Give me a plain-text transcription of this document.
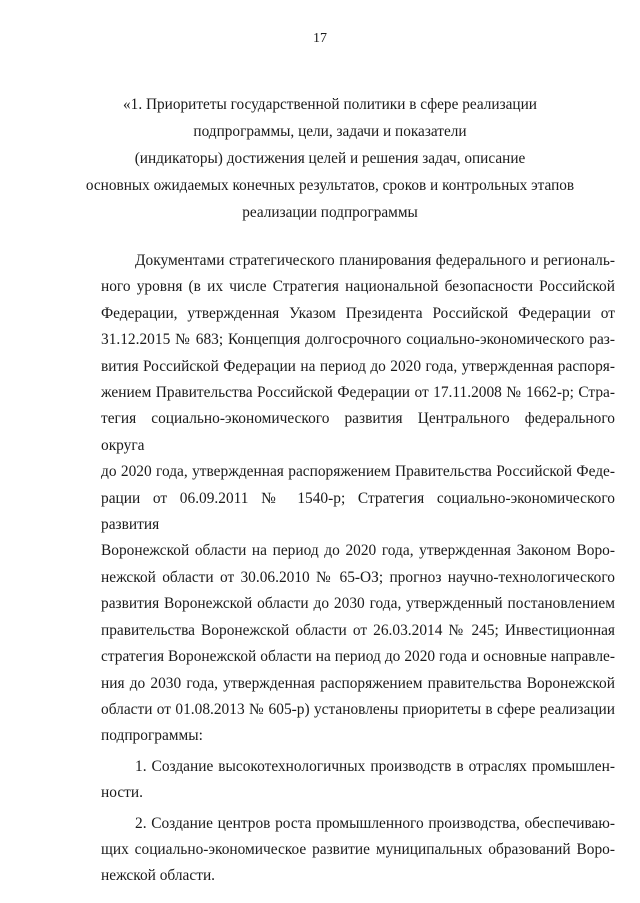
17
«1. Приоритеты государственной политики в сфере реализации
подпрограммы, цели, задачи и показатели
(индикаторы) достижения целей и решения задач, описание
основных ожидаемых конечных результатов, сроков и контрольных этапов
реализации подпрограммы
Документами стратегического планирования федерального и региональ-
ного уровня (в их числе Стратегия национальной безопасности Российской
Федерации, утвержденная Указом Президента Российской Федерации от
31.12.2015 № 683; Концепция долгосрочного социально-экономического раз-
вития Российской Федерации на период до 2020 года, утвержденная распоря-
жением Правительства Российской Федерации от 17.11.2008 № 1662-р; Стра-
тегия социально-экономического развития Центрального федерального округа
до 2020 года, утвержденная распоряжением Правительства Российской Феде-
рации от 06.09.2011 № 1540-р; Стратегия социально-экономического развития
Воронежской области на период до 2020 года, утвержденная Законом Воро-
нежской области от 30.06.2010 № 65-ОЗ; прогноз научно-технологического
развития Воронежской области до 2030 года, утвержденный постановлением
правительства Воронежской области от 26.03.2014 № 245; Инвестиционная
стратегия Воронежской области на период до 2020 года и основные направле-
ния до 2030 года, утвержденная распоряжением правительства Воронежской
области от 01.08.2013 № 605-р) установлены приоритеты в сфере реализации
подпрограммы:
1. Создание высокотехнологичных производств в отраслях промышлен-
ности.
2. Создание центров роста промышленного производства, обеспечиваю-
щих социально-экономическое развитие муниципальных образований Воро-
нежской области.
